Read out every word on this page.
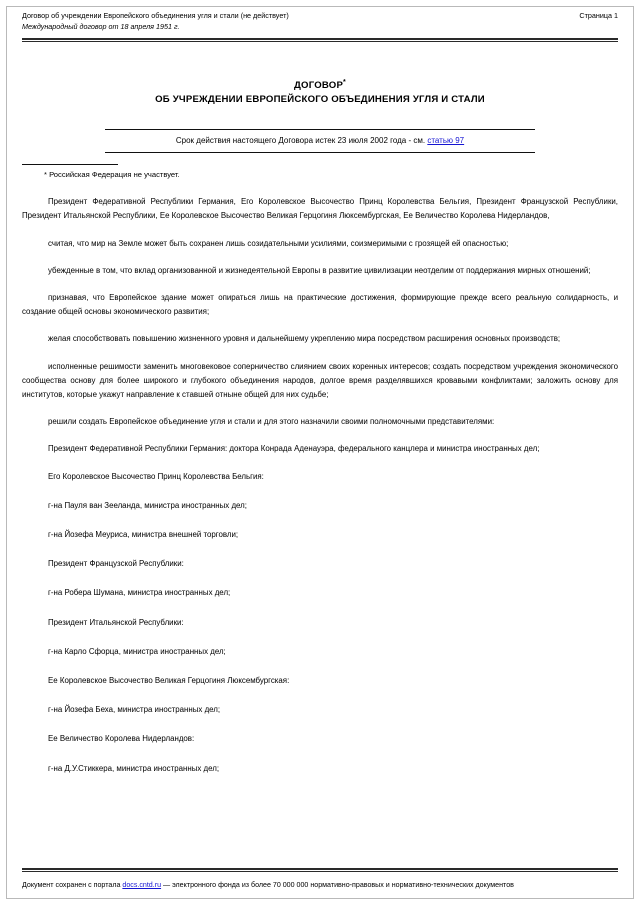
Договор об учреждении Европейского объединения угля и стали (не действует)
Международный договор от 18 апреля 1951 г.
Страница 1
ДОГОВОР*
ОБ УЧРЕЖДЕНИИ ЕВРОПЕЙСКОГО ОБЪЕДИНЕНИЯ УГЛЯ И СТАЛИ
Срок действия настоящего Договора истек 23 июля 2002 года - см. статью 97
* Российская Федерация не участвует.

Президент Федеративной Республики Германия, Его Королевское Высочество Принц Королевства Бельгия, Президент Французской Республики, Президент Итальянской Республики, Ее Королевское Высочество Великая Герцогиня Люксембургская, Ее Величество Королева Нидерландов,

считая, что мир на Земле может быть сохранен лишь созидательными усилиями, соизмеримыми с грозящей ей опасностью;

убежденные в том, что вклад организованной и жизнедеятельной Европы в развитие цивилизации неотделим от поддержания мирных отношений;

признавая, что Европейское здание может опираться лишь на практические достижения, формирующие прежде всего реальную солидарность, и создание общей основы экономического развития;

желая способствовать повышению жизненного уровня и дальнейшему укреплению мира посредством расширения основных производств;

исполненные решимости заменить многовековое соперничество слиянием своих коренных интересов; создать посредством учреждения экономического сообщества основу для более широкого и глубокого объединения народов, долгое время разделявшихся кровавыми конфликтами; заложить основу для институтов, которые укажут направление к ставшей отныне общей для них судьбе;

решили создать Европейское объединение угля и стали и для этого назначили своими полномочными представителями:

Президент Федеративной Республики Германия: доктора Конрада Аденауэра, федерального канцлера и министра иностранных дел;

Его Королевское Высочество Принц Королевства Бельгия:

г-на Пауля ван Зееланда, министра иностранных дел;

г-на Йозефа Меуриса, министра внешней торговли;

Президент Французской Республики:

г-на Робера Шумана, министра иностранных дел;

Президент Итальянской Республики:

г-на Карло Сфорца, министра иностранных дел;

Ее Королевское Высочество Великая Герцогиня Люксембургская:

г-на Йозефа Беха, министра иностранных дел;

Ее Величество Королева Нидерландов:

г-на Д.У.Стиккера, министра иностранных дел;

Документ сохранен с портала docs.cntd.ru — электронного фонда из более 70 000 000 нормативно-правовых и нормативно-технических документов
